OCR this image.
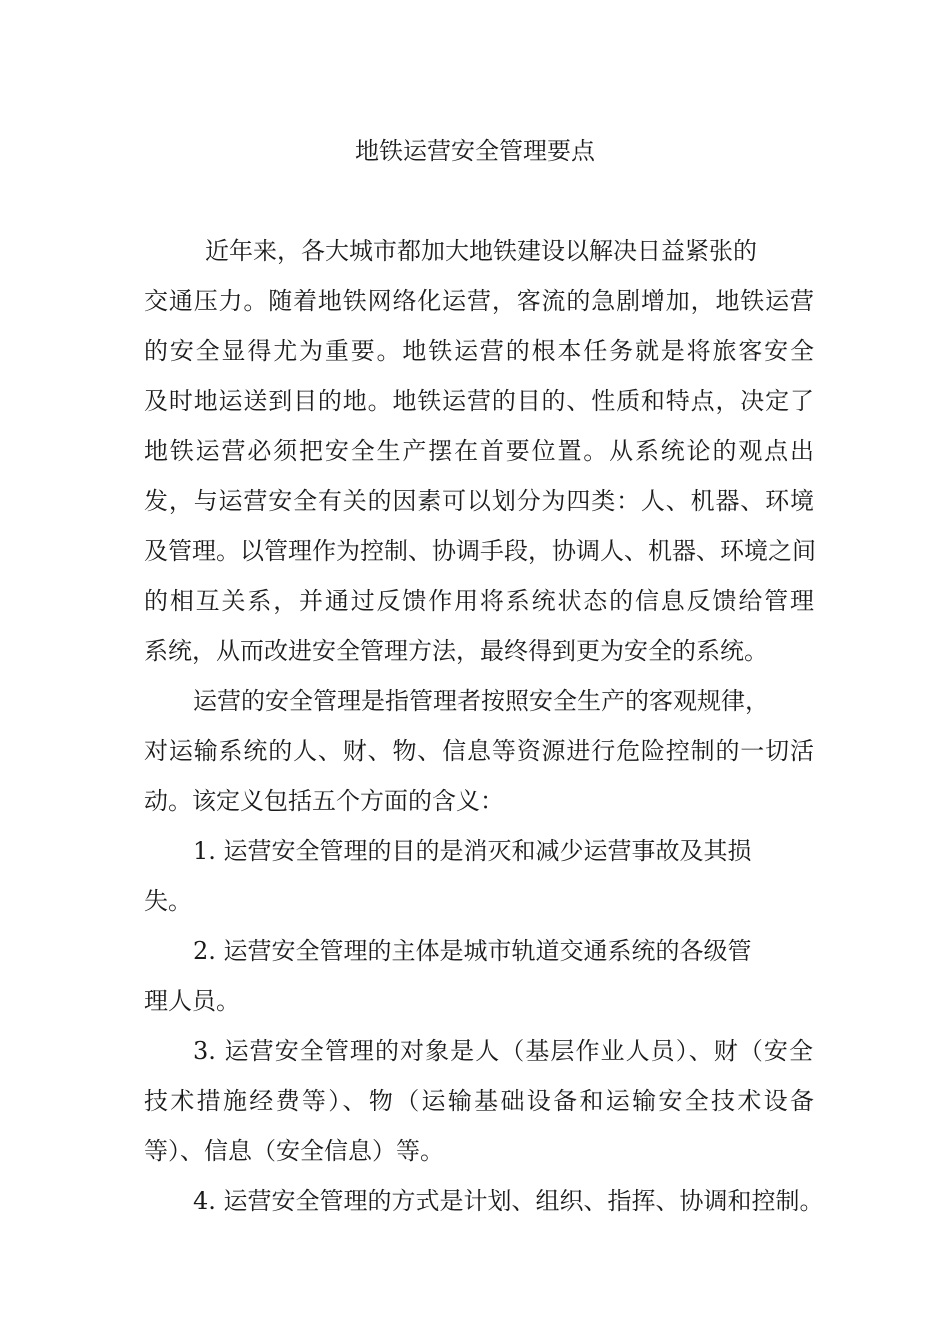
地铁运营安全管理要点

近年来，各大城市都加大地铁建设以解决日益紧张的

交通压力。随着地铁网络化运营，客流的急剧增加，地铁运营

的安全显得尤为重要。地铁运营的根本任务就是将旅客安全

及时地运送到目的地。地铁运营的目的、性质和特点，决定了

地铁运营必须把安全生产摆在首要位置。从系统论的观点出

发，与运营安全有关的因素可以划分为四类：人、机器、环境

及管理。以管理作为控制、协调手段，协调人、机器、环境之间

的相互关系，并通过反馈作用将系统状态的信息反馈给管理

系统，从而改进安全管理方法，最终得到更为安全的系统。

运营的安全管理是指管理者按照安全生产的客观规律，

对运输系统的人、财、物、信息等资源进行危险控制的一切活

动。该定义包括五个方面的含义：

1. 运营安全管理的目的是消灭和减少运营事故及其损

失。

2. 运营安全管理的主体是城市轨道交通系统的各级管

理人员。

3. 运营安全管理的对象是人（基层作业人员）、财（安全

技术措施经费等）、物（运输基础设备和运输安全技术设备

等）、信息（安全信息）等。

4. 运营安全管理的方式是计划、组织、指挥、协调和控制。
